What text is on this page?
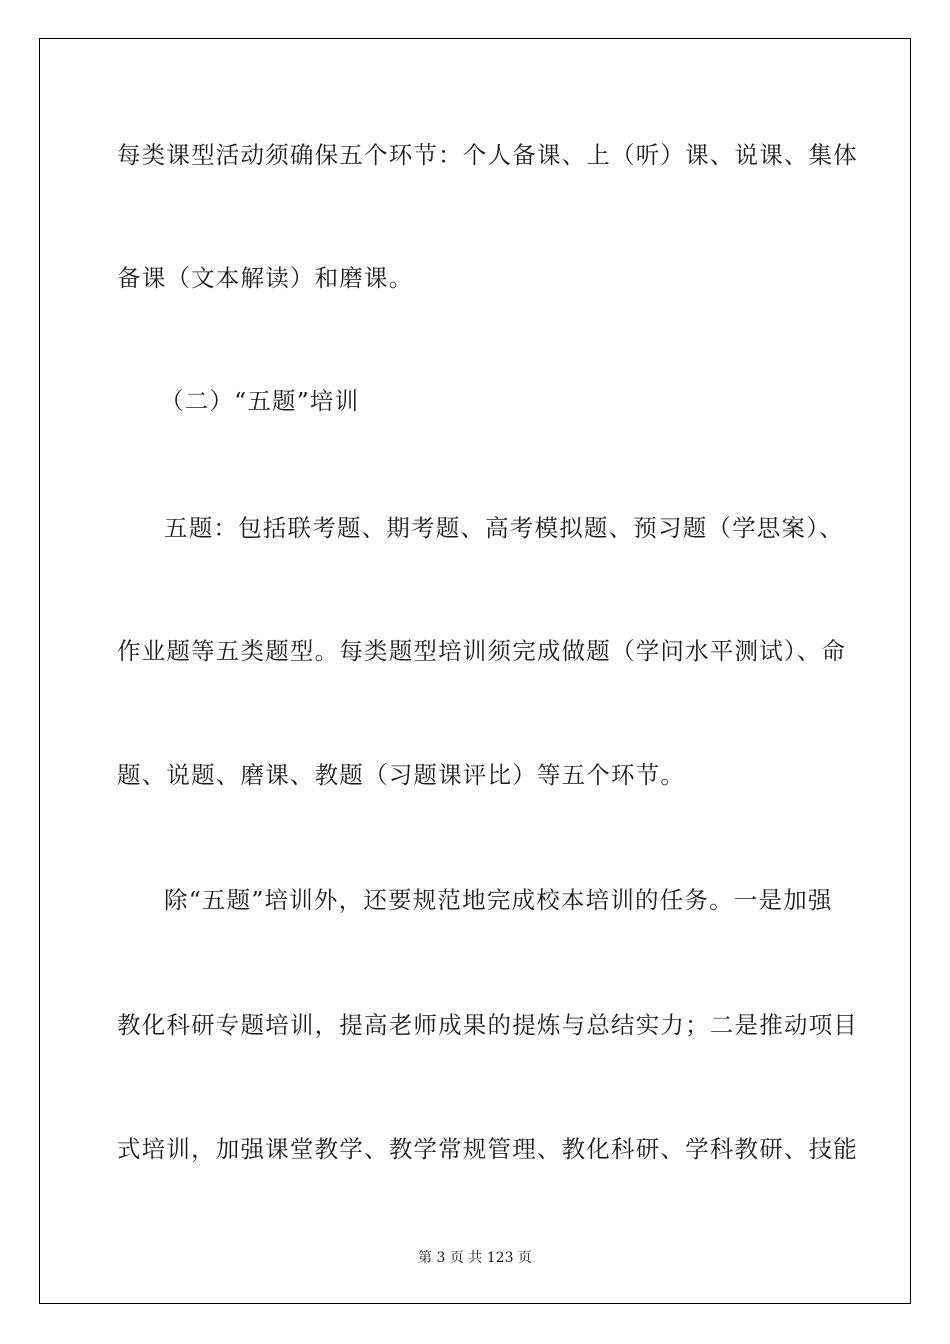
每类课型活动须确保五个环节：个人备课、上（听）课、说课、集体
备课（文本解读）和磨课。
（二）“五题”培训
五题：包括联考题、期考题、高考模拟题、预习题（学思案）、
作业题等五类题型。每类题型培训须完成做题（学问水平测试）、命
题、说题、磨课、教题（习题课评比）等五个环节。
除“五题”培训外，还要规范地完成校本培训的任务。一是加强
教化科研专题培训，提高老师成果的提炼与总结实力；二是推动项目
式培训，加强课堂教学、教学常规管理、教化科研、学科教研、技能
第 3 页 共 123 页
